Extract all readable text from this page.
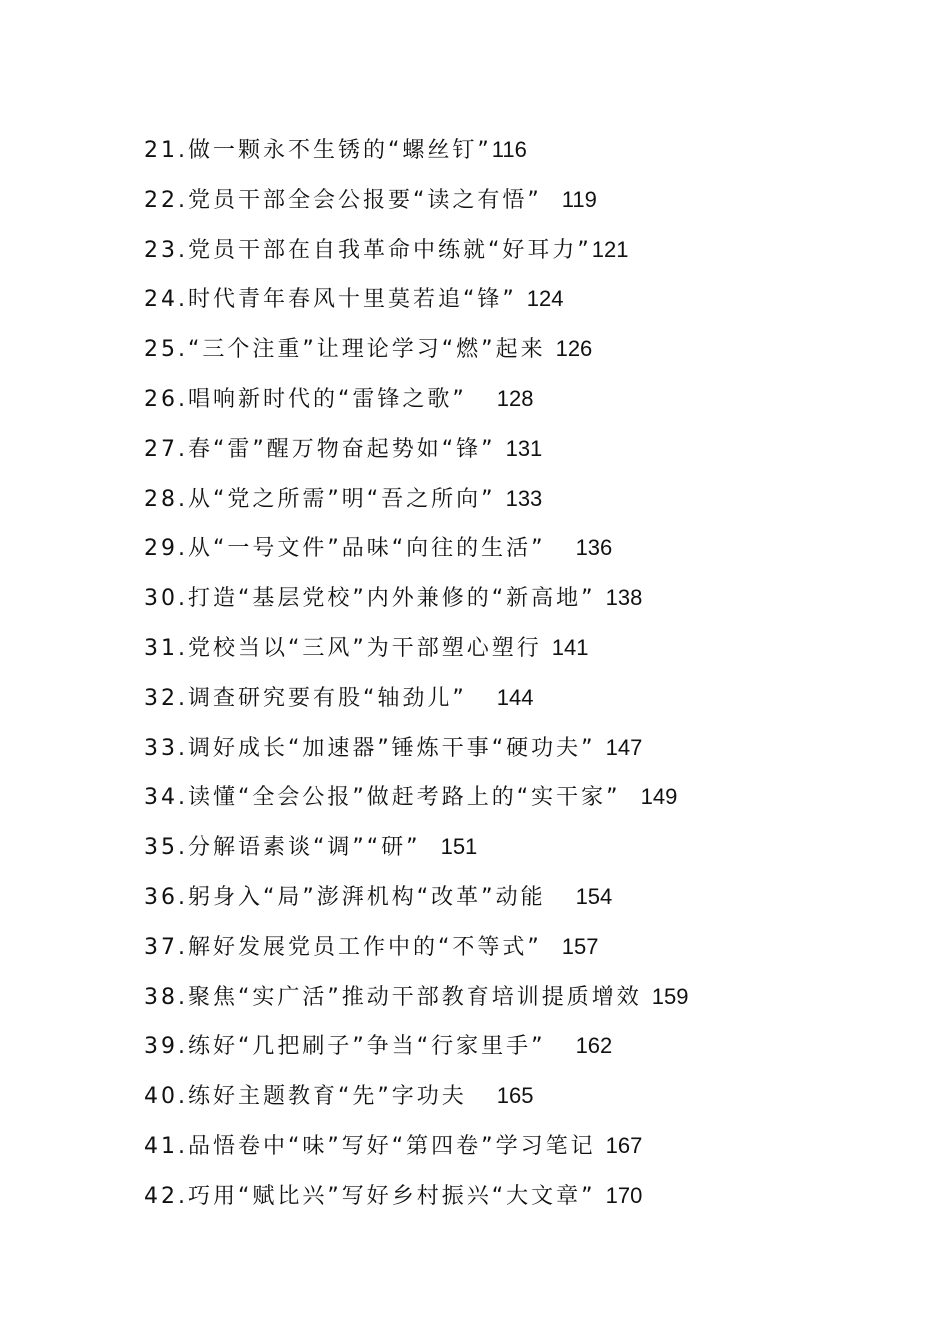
21.做一颗永不生锈的“螺丝钉”116
22.党员干部全会公报要“读之有悟” 119
23.党员干部在自我革命中练就“好耳力”121
24.时代青年春风十里莫若追“锋” 124
25.“三个注重”让理论学习“燃”起来 126
26.唱响新时代的“雷锋之歌” 128
27.春“雷”醒万物奋起势如“锋” 131
28.从“党之所需”明“吾之所向” 133
29.从“一号文件”品味“向往的生活” 136
30.打造“基层党校”内外兼修的“新高地” 138
31.党校当以“三风”为干部塑心塑行 141
32.调查研究要有股“轴劲儿” 144
33.调好成长“加速器”锤炼干事“硬功夫” 147
34.读懂“全会公报”做赶考路上的“实干家” 149
35.分解语素谈“调”“研” 151
36.躬身入“局”澎湃机构“改革”动能 154
37.解好发展党员工作中的“不等式” 157
38.聚焦“实广活”推动干部教育培训提质增效 159
39.练好“几把刷子”争当“行家里手” 162
40.练好主题教育“先”字功夫 165
41.品悟卷中“味”写好“第四卷”学习笔记 167
42.巧用“赋比兴”写好乡村振兴“大文章” 170
